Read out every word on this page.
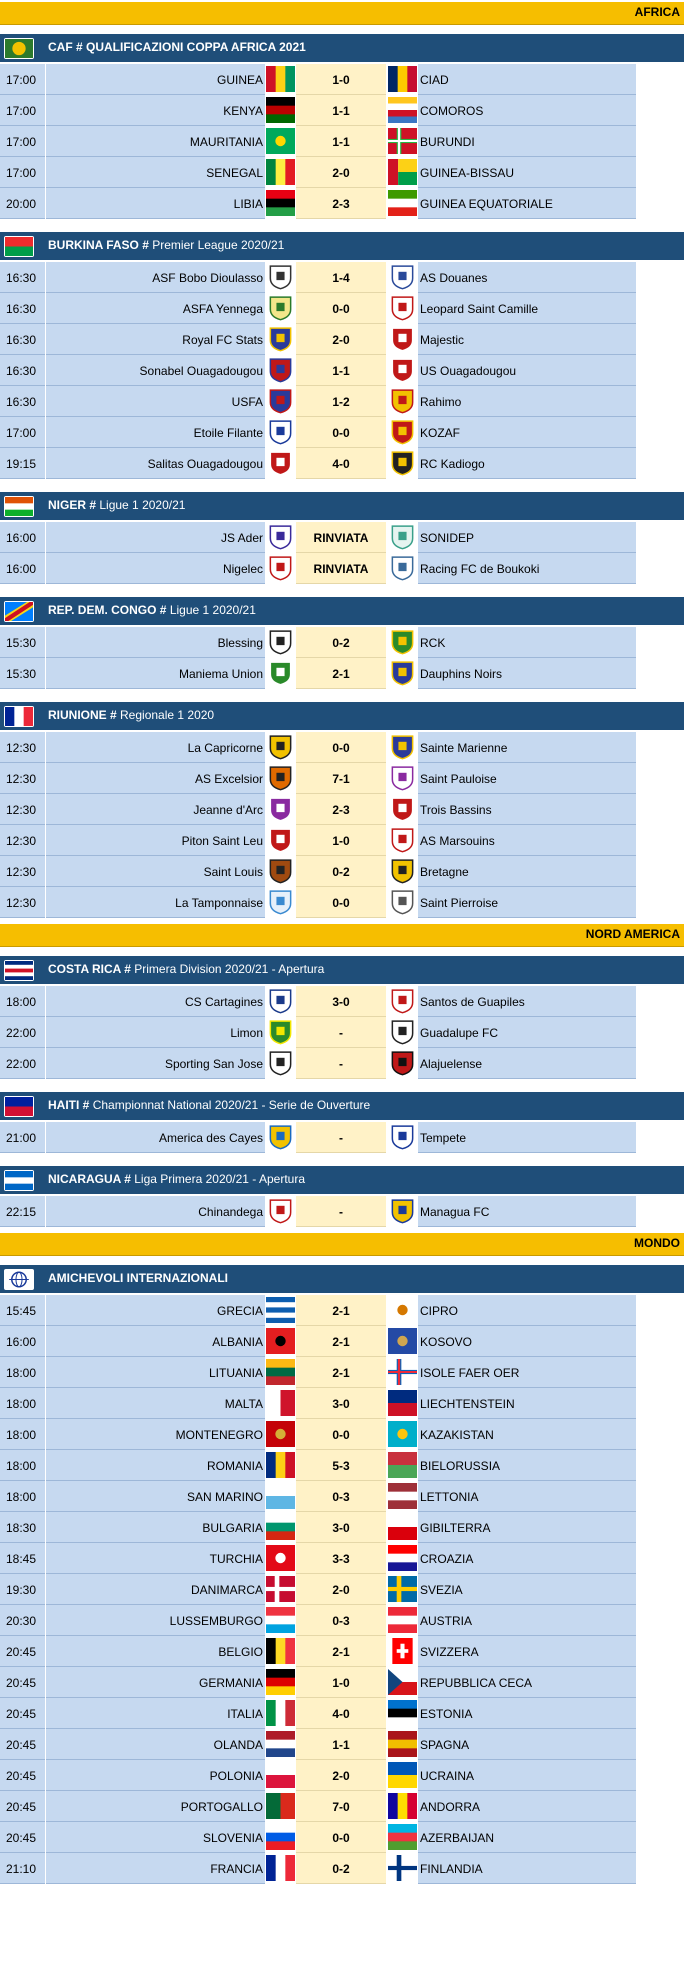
AFRICA
CAF # QUALIFICAZIONI COPPA AFRICA 2021
17:00	GUINEA	1-0	CIAD
17:00	KENYA	1-1	COMOROS
17:00	MAURITANIA	1-1	BURUNDI
17:00	SENEGAL	2-0	GUINEA-BISSAU
20:00	LIBIA	2-3	GUINEA EQUATORIALE
BURKINA FASO # Premier League 2020/21
16:30	ASF Bobo Dioulasso	1-4	AS Douanes
16:30	ASFA Yennega	0-0	Leopard Saint Camille
16:30	Royal FC Stats	2-0	Majestic
16:30	Sonabel Ouagadougou	1-1	US Ouagadougou
16:30	USFA	1-2	Rahimo
17:00	Etoile Filante	0-0	KOZAF
19:15	Salitas Ouagadougou	4-0	RC Kadiogo
NIGER # Ligue 1 2020/21
16:00	JS Ader	RINVIATA	SONIDEP
16:00	Nigelec	RINVIATA	Racing FC de Boukoki
REP. DEM. CONGO # Ligue 1 2020/21
15:30	Blessing	0-2	RCK
15:30	Maniema Union	2-1	Dauphins Noirs
RIUNIONE # Regionale 1 2020
12:30	La Capricorne	0-0	Sainte Marienne
12:30	AS Excelsior	7-1	Saint Pauloise
12:30	Jeanne d'Arc	2-3	Trois Bassins
12:30	Piton Saint Leu	1-0	AS Marsouins
12:30	Saint Louis	0-2	Bretagne
12:30	La Tamponnaise	0-0	Saint Pierroise
NORD AMERICA
COSTA RICA # Primera Division 2020/21 - Apertura
18:00	CS Cartagines	3-0	Santos de Guapiles
22:00	Limon	-	Guadalupe FC
22:00	Sporting San Jose	-	Alajuelense
HAITI # Championnat National 2020/21 - Serie de Ouverture
21:00	America des Cayes	-	Tempete
NICARAGUA # Liga Primera 2020/21 - Apertura
22:15	Chinandega	-	Managua FC
MONDO
AMICHEVOLI INTERNAZIONALI
15:45	GRECIA	2-1	CIPRO
16:00	ALBANIA	2-1	KOSOVO
18:00	LITUANIA	2-1	ISOLE FAER OER
18:00	MALTA	3-0	LIECHTENSTEIN
18:00	MONTENEGRO	0-0	KAZAKISTAN
18:00	ROMANIA	5-3	BIELORUSSIA
18:00	SAN MARINO	0-3	LETTONIA
18:30	BULGARIA	3-0	GIBILTERRA
18:45	TURCHIA	3-3	CROAZIA
19:30	DANIMARCA	2-0	SVEZIA
20:30	LUSSEMBURGO	0-3	AUSTRIA
20:45	BELGIO	2-1	SVIZZERA
20:45	GERMANIA	1-0	REPUBBLICA CECA
20:45	ITALIA	4-0	ESTONIA
20:45	OLANDA	1-1	SPAGNA
20:45	POLONIA	2-0	UCRAINA
20:45	PORTOGALLO	7-0	ANDORRA
20:45	SLOVENIA	0-0	AZERBAIJAN
21:10	FRANCIA	0-2	FINLANDIA
